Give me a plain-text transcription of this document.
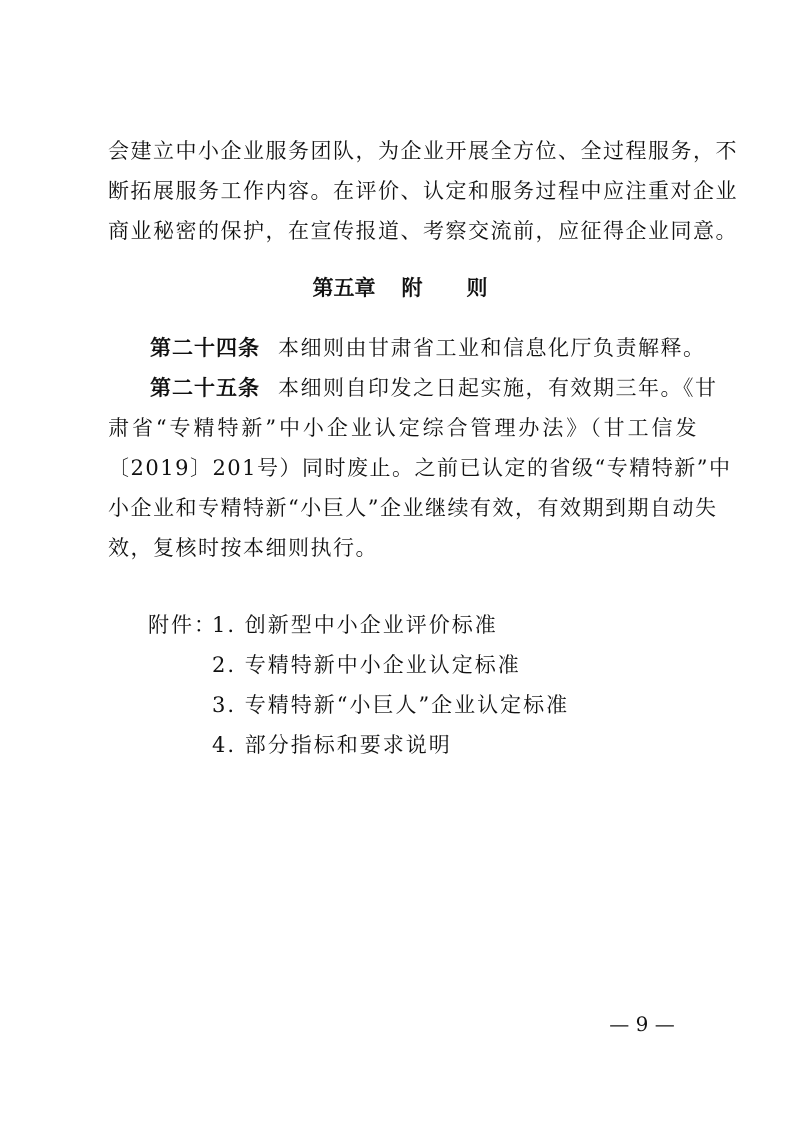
会建立中小企业服务团队，为企业开展全方位、全过程服务，不
断拓展服务工作内容。在评价、认定和服务过程中应注重对企业
商业秘密的保护，在宣传报道、考察交流前，应征得企业同意。
第五章 附 则
第二十四条 本细则由甘肃省工业和信息化厅负责解释。
第二十五条 本细则自印发之日起实施，有效期三年。《甘
肃省“专精特新”中小企业认定综合管理办法》（甘工信发
〔2019〕201号）同时废止。之前已认定的省级“专精特新”中
小企业和专精特新“小巨人”企业继续有效，有效期到期自动失
效，复核时按本细则执行。
附件：
1. 创新型中小企业评价标准
2. 专精特新中小企业认定标准
3. 专精特新“小巨人”企业认定标准
4. 部分指标和要求说明
— 9 —
